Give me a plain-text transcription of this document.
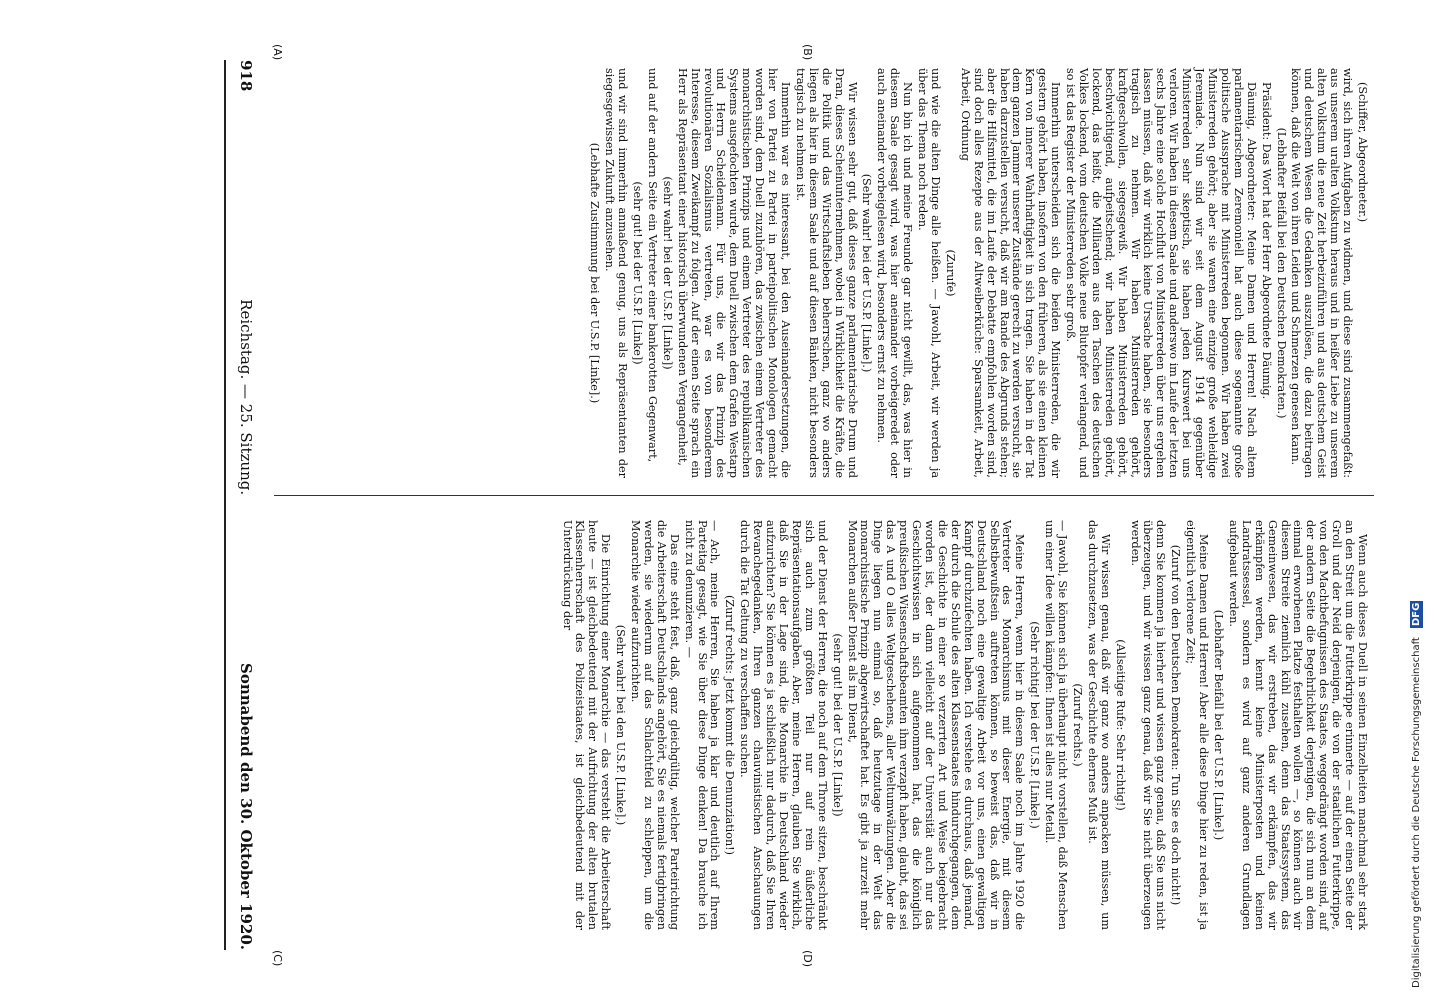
918
Reichstag. — 25. Sitzung.
Sonnabend den 30. Oktober 1920.
(A)	(B)
(C)	(D)

(Schiffer, Abgeordneter.)

wird, sich ihren Aufgaben zu widmen, und diese sind zusammengefaßt: aus unserem uralten Volkstum heraus und in heißer Liebe zu unserem alten Volkstum die neue Zeit herbeizuführen und aus deutschem Geist und deutschem Wesen die Gedanken auszulösen, die dazu beitragen können, daß die Welt von ihren Leiden und Schmerzen genesen kann.

(Lebhafter Beifall bei den Deutschen Demokraten.)

Präsident: Das Wort hat der Herr Abgeordnete Däumig.

Däumig, Abgeordneter: Meine Damen und Herren! Nach altem parlamentarischem Zeremoniell hat auch diese sogenannte große politische Aussprache mit Ministerreden begonnen. Wir haben zwei Ministerreden gehört; aber sie waren eine einzige große wehleidige Jeremiade. Nun sind wir seit dem August 1914 gegenüber Ministerreden sehr skeptisch, sie haben jeden Kurswert bei uns verloren. Wir haben in diesem Saale und anderswo im Laufe der letzten sechs Jahre eine solche Hochflut von Ministerreden über uns ergehen lassen müssen, daß wir wirklich keine Ursache haben, sie besonders tragisch zu nehmen. Wir haben Ministerreden gehört, kraftgeschwollen, siegesgewiß. Wir haben Ministerreden gehört, beschwichtigend, aufpeitschend; wir haben Ministerreden gehört, lockend, das heißt, die Milliarden aus den Taschen des deutschen Volkes lockend, vom deutschen Volke neue Blutopfer verlangend, und so ist das Register der Ministerreden sehr groß.

Immerhin unterscheiden sich die beiden Ministerreden, die wir gestern gehört haben, insofern von den früheren, als sie einen kleinen Kern von innerer Wahrhaftigkeit in sich tragen. Sie haben in der Tat dem ganzen Jammer unserer Zustände gerecht zu werden versucht, sie haben darzustellen versucht, daß wir am Rande des Abgrunds stehen; aber die Hilfsmittel, die im Laufe der Debatte empfohlen worden sind, sind doch alles Rezepte aus der Altweiberküche: Sparsamkeit, Arbeit, Arbeit, Ordnung

(Zurufe)

und wie die alten Dinge alle heißen. — Jawohl, Arbeit, wir werden ja über das Thema noch reden.

Nun bin ich und meine Freunde gar nicht gewillt, das, was hier in diesem Saale gesagt wird, was hier aneinander vorbeigeredet oder auch aneinander vorbeigelesen wird, besonders ernst zu nehmen.

(Sehr wahr! bei der U.S.P. [Linke].)

Wir wissen sehr gut, daß dieses ganze parlamentarische Drum und Dran, dieses Scheinunternehmen, wobei in Wirklichkeit die Kräfte, die die Politik und das Wirtschaftsleben beherrschen, ganz wo anders liegen als hier in diesem Saale und auf diesen Bänken, nicht besonders tragisch zu nehmen ist.

Immerhin war es interessant, bei den Auseinandersetzungen, die hier von Partei zu Partei in parteipolitischen Monologen gemacht worden sind, dem Duell zuzuhören, das zwischen einem Vertreter des monarchistischen Prinzips und einem Vertreter des republikanischen Systems ausgefochten wurde, dem Duell zwischen dem Grafen Westarp und Herrn Scheidemann. Für uns, die wir das Prinzip des revolutionären Sozialismus vertreten, war es von besonderem Interesse, diesem Zweikampf zu folgen. Auf der einen Seite sprach ein Herr als Repräsentant einer historisch überwundenen Vergangenheit,

(sehr wahr! bei der U.S.P. [Linke])

und auf der andern Seite ein Vertreter einer bankerotten Gegenwart,

(sehr gut! bei der U.S.P. [Linke])

und wir sind immerhin anmaßend genug, uns als Repräsentanten der siegesgewissen Zukunft anzusehen.

(Lebhafte Zustimmung bei der U.S.P. [Linke].)

Wenn auch dieses Duell in seinen Einzelheiten manchmal sehr stark an den Streit um die Futterkrippe erinnerte — auf der einen Seite der Groll und der Neid derjenigen, die von der staatlichen Futterkrippe, von den Machtbefugnissen des Staates, weggedrängt worden sind, auf der andern Seite die Begehrlichkeit derjenigen, die sich nun an dem einmal erworbenen Platze festhalten wollen —, so können auch wir diesem Streite ziemlich kühl zusehen, denn das Staatssystem, das Gemeinwesen, das wir erstreben, das wir erkämpfen, das wir erkämpfen werden, kennt keine Ministerposten und keinen Landratssessel, sondern es wird auf ganz anderen Grundlagen aufgebaut werden.

(Lebhafter Beifall bei der U.S.P. [Linke].)

Meine Damen und Herren! Aber alle diese Dinge hier zu reden, ist ja eigentlich verlorene Zeit;

(Zuruf von den Deutschen Demokraten: Tun Sie es doch nicht!)

denn Sie kommen ja hierher und wissen ganz genau, daß Sie uns nicht überzeugen, und wir wissen ganz genau, daß wir Sie nicht überzeugen werden.

(Allseitige Rufe: Sehr richtig!)

Wir wissen genau, daß wir ganz wo anders anpacken müssen, um das durchzusetzen, was der Geschichte ehernes Muß ist.

(Zuruf rechts.)

— Jawohl, Sie können sich ja überhaupt nicht vorstellen, daß Menschen um einer Idee willen kämpfen: Ihnen ist alles nur Metall.

(Sehr richtig! bei der U.S.P. [Linke].)

Meine Herren, wenn hier in diesem Saale noch im Jahre 1920 die Vertreter des Monarchismus mit dieser Energie, mit diesem Selbstbewußtsein auftreten können, so beweist das, daß wir in Deutschland noch eine gewaltige Arbeit vor uns, einen gewaltigen Kampf durchzufechten haben. Ich verstehe es durchaus, daß jemand, der durch die Schule des alten Klassenstaates hindurchgegangen, dem die Geschichte in einer so verzerrten Art und Weise beigebracht worden ist, der dann vielleicht auf der Universität auch nur das Geschichtswissen in sich aufgenommen hat, das die königlich preußischen Wissenschaftsbeamten ihm verzapft haben, glaubt, das sei das A und O alles Weltgeschehens, aller Weltumwälzungen. Aber die Dinge liegen nun einmal so, daß heutzutage in der Welt das monarchistische Prinzip abgewirtschaftet hat. Es gibt ja zurzeit mehr Monarchen außer Dienst als im Dienst,

(sehr gut! bei der U.S.P. [Linke])

und der Dienst der Herren, die noch auf dem Throne sitzen, beschränkt sich auch zum größten Teil nur auf rein äußerliche Repräsentationsaufgaben. Aber, meine Herren, glauben Sie wirklich, daß Sie in der Lage sind, die Monarchie in Deutschland wieder aufzurichten? Sie können es ja schließlich nur dadurch, daß Sie Ihren Revanchegedanken, Ihren ganzen chauvinistischen Anschauungen durch die Tat Geltung zu verschaffen suchen.

(Zuruf rechts: Jetzt kommt die Denunziation!)

— Ach, meine Herren, Sie haben ja klar und deutlich auf Ihrem Parteitag gesagt, wie Sie über diese Dinge denken! Da brauche ich nicht zu denunzieren. —

Das eine steht fest, daß, ganz gleichgültig, welcher Parteirichtung die Arbeiterschaft Deutschlands angehört, Sie es niemals fertigbringen werden, sie wiederum auf das Schlachtfeld zu schleppen, um die Monarchie wieder aufzurichten.

(Sehr wahr! bei den U.S.P. [Linke].)

Die Einrichtung einer Monarchie — das versteht die Arbeiterschaft heute — ist gleichbedeutend mit der Aufrichtung der alten brutalen Klassenherrschaft des Polizeistaates, ist gleichbedeutend mit der Unterdrückung der

Digitalisierung gefördert durch die Deutsche Forschungsgemeinschaft DFG
